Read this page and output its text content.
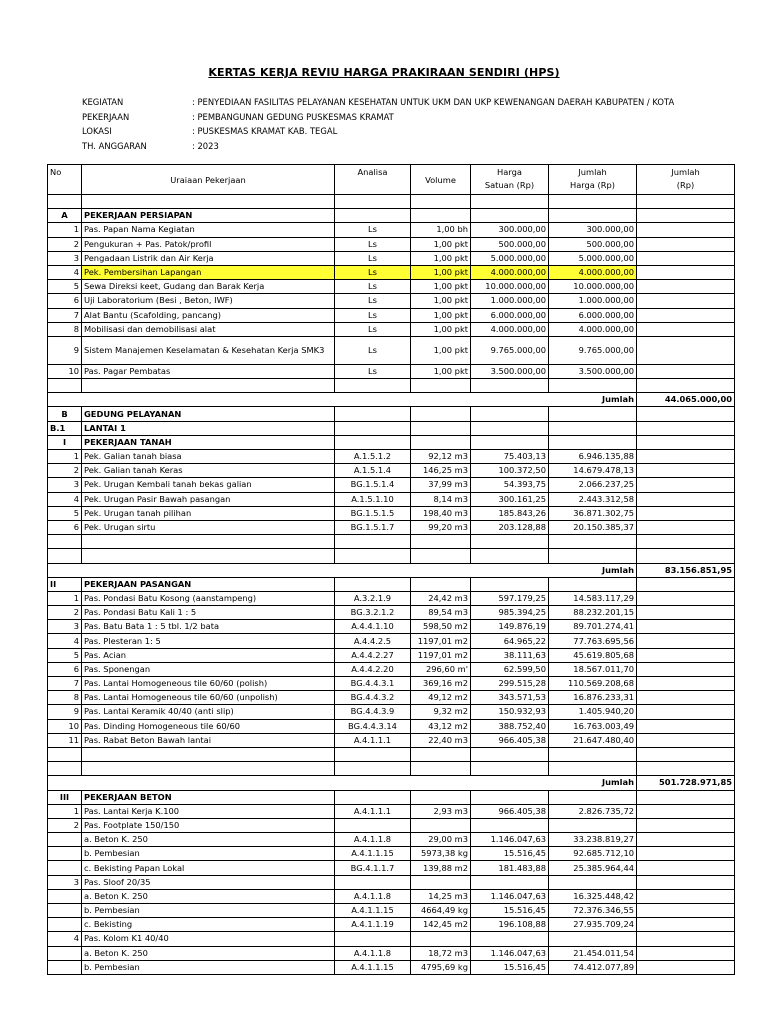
KERTAS KERJA REVIU HARGA PRAKIRAAN SENDIRI (HPS)
KEGIATAN	: PENYEDIAAN FASILITAS PELAYANAN KESEHATAN UNTUK UKM DAN UKP KEWENANGAN DAERAH KABUPATEN / KOTA
PEKERJAAN	: PEMBANGUNAN GEDUNG PUSKESMAS KRAMAT
LOKASI	: PUSKESMAS KRAMAT KAB. TEGAL
TH. ANGGARAN	: 2023
No	Uraiaan Pekerjaan	Analisa	Volume	Harga
Satuan (Rp)	Jumlah
Harga (Rp)	Jumlah
(Rp)

A	PEKERJAAN PERSIAPAN					
1	Pas. Papan Nama Kegiatan	Ls	1,00 bh	300.000,00	300.000,00	
2	Pengukuran + Pas. Patok/profil	Ls	1,00 pkt	500.000,00	500.000,00	
3	Pengadaan Listrik dan Air Kerja	Ls	1,00 pkt	5.000.000,00	5.000.000,00	
4	Pek. Pembersihan Lapangan	Ls	1,00 pkt	4.000.000,00	4.000.000,00	
5	Sewa Direksi keet, Gudang dan Barak Kerja	Ls	1,00 pkt	10.000.000,00	10.000.000,00	
6	Uji Laboratorium (Besi , Beton, IWF)	Ls	1,00 pkt	1.000.000,00	1.000.000,00	
7	Alat Bantu (Scafolding, pancang)	Ls	1,00 pkt	6.000.000,00	6.000.000,00	
8	Mobilisasi dan demobilisasi alat	Ls	1,00 pkt	4.000.000,00	4.000.000,00	
9	Sistem Manajemen Keselamatan & Kesehatan Kerja SMK3	Ls	1,00 pkt	9.765.000,00	9.765.000,00	
10	Pas. Pagar Pembatas	Ls	1,00 pkt	3.500.000,00	3.500.000,00	

Jumlah						44.065.000,00
B	GEDUNG PELAYANAN					
B.1	LANTAI 1					
I	PEKERJAAN TANAH					
1	Pek. Galian tanah biasa	A.1.5.1.2	92,12 m3	75.403,13	6.946.135,88	
2	Pek. Galian tanah Keras	A.1.5.1.4	146,25 m3	100.372,50	14.679.478,13	
3	Pek. Urugan Kembali tanah bekas galian	BG.1.5.1.4	37,99 m3	54.393,75	2.066.237,25	
4	Pek. Urugan Pasir Bawah pasangan	A.1.5.1.10	8,14 m3	300.161,25	2.443.312,58	
5	Pek. Urugan tanah pilihan	BG.1.5.1.5	198,40 m3	185.843,26	36.871.302,75	
6	Pek. Urugan sirtu	BG.1.5.1.7	99,20 m3	203.128,88	20.150.385,37	

Jumlah						83.156.851,95
II	PEKERJAAN PASANGAN					
1	Pas. Pondasi Batu Kosong (aanstampeng)	A.3.2.1.9	24,42 m3	597.179,25	14.583.117,29	
2	Pas. Pondasi Batu Kali 1 : 5	BG.3.2.1.2	89,54 m3	985.394,25	88.232.201,15	
3	Pas. Batu Bata 1 : 5 tbl. 1/2 bata	A.4.4.1.10	598,50 m2	149.876,19	89.701.274,41	
4	Pas. Plesteran 1: 5	A.4.4.2.5	1197,01 m2	64.965,22	77.763.695,56	
5	Pas. Acian	A.4.4.2.27	1197,01 m2	38.111,63	45.619.805,68	
6	Pas. Sponengan	A.4.4.2.20	296,60 m'	62.599,50	18.567.011,70	
7	Pas. Lantai Homogeneous tile 60/60 (polish)	BG.4.4.3.1	369,16 m2	299.515,28	110.569.208,68	
8	Pas. Lantai Homogeneous tile 60/60 (unpolish)	BG.4.4.3.2	49,12 m2	343.571,53	16.876.233,31	
9	Pas. Lantai Keramik 40/40 (anti slip)	BG.4.4.3.9	9,32 m2	150.932,93	1.405.940,20	
10	Pas. Dinding Homogeneous tile 60/60	BG.4.4.3.14	43,12 m2	388.752,40	16.763.003,49	
11	Pas. Rabat Beton Bawah lantai	A.4.1.1.1	22,40 m3	966.405,38	21.647.480,40	

Jumlah						501.728.971,85
III	PEKERJAAN BETON					
1	Pas. Lantai Kerja K.100	A.4.1.1.1	2,93 m3	966.405,38	2.826.735,72	
2	Pas. Footplate 150/150					
	a. Beton K. 250	A.4.1.1.8	29,00 m3	1.146.047,63	33.238.819,27	
	b. Pembesian	A.4.1.1.15	5973,38 kg	15.516,45	92.685.712,10	
	c. Bekisting Papan Lokal	BG.4.1.1.7	139,88 m2	181.483,88	25.385.964,44	
3	Pas. Sloof 20/35					
	a. Beton K. 250	A.4.1.1.8	14,25 m3	1.146.047,63	16.325.448,42	
	b. Pembesian	A.4.1.1.15	4664,49 kg	15.516,45	72.376.346,55	
	c. Bekisting	A.4.1.1.19	142,45 m2	196.108,88	27.935.709,24	
4	Pas. Kolom K1 40/40					
	a. Beton K. 250	A.4.1.1.8	18,72 m3	1.146.047,63	21.454.011,54	
	b. Pembesian	A.4.1.1.15	4795,69 kg	15.516,45	74.412.077,89	
